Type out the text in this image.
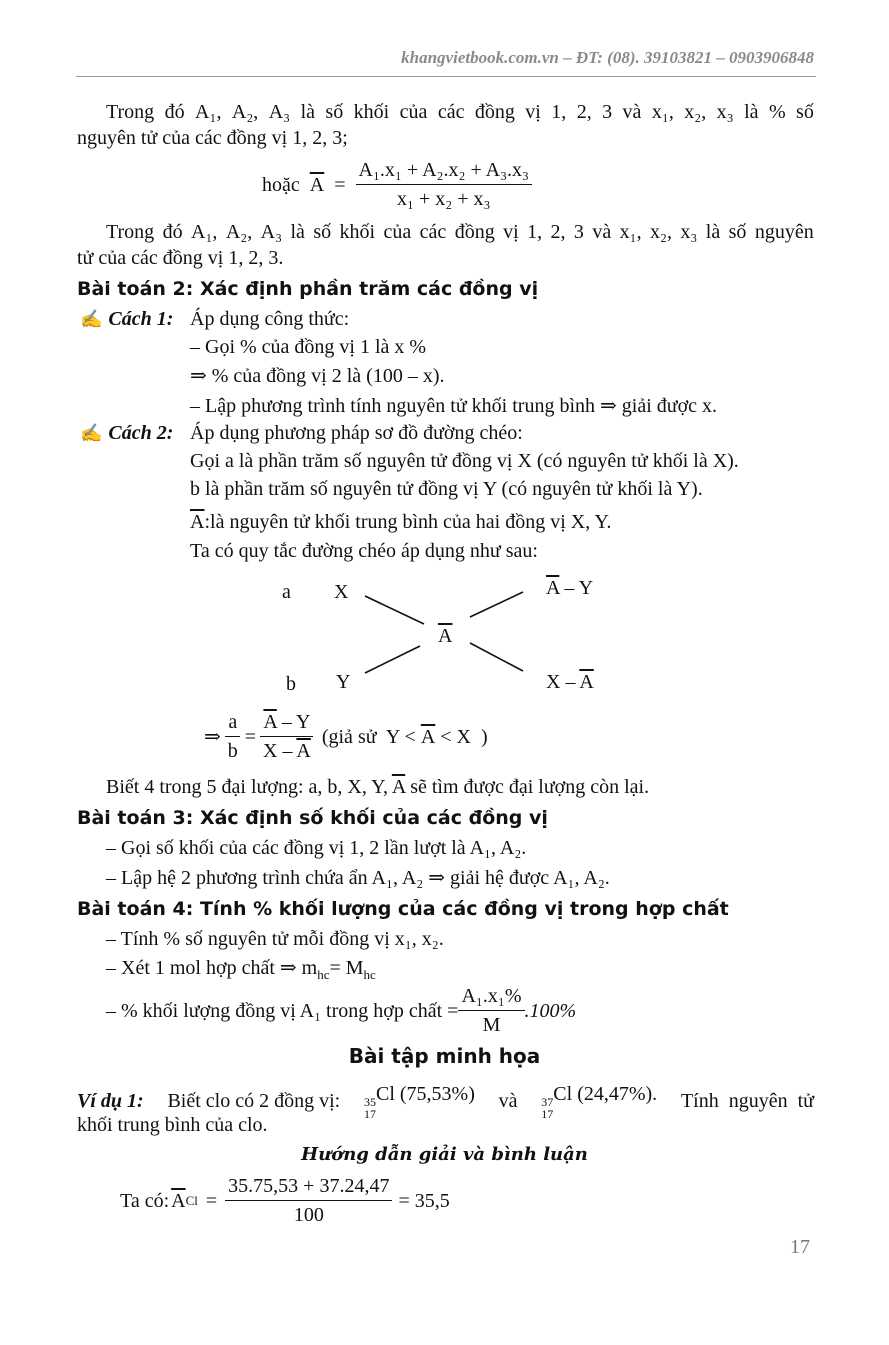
khangvietbook.com.vn – ĐT: (08). 39103821 – 0903906848
Trong đó A₁, A₂, A₃ là số khối của các đồng vị 1, 2, 3 và x₁, x₂, x₃ là % số
nguyên tử của các đồng vị 1, 2, 3;
hoặc $\overline{A} = \frac{\text{A₁.x₁ + A₂.x₂ + A₃.x₃}}{\text{x₁ + x₂ + x₃}}$
Trong đó A₁, A₂, A₃ là số khối của các đồng vị 1, 2, 3 và x₁, x₂, x₃ là số nguyên
tử của các đồng vị 1, 2, 3.
Bài toán 2: Xác định phần trăm các đồng vị
✍ Cách 1: Áp dụng công thức:
– Gọi % của đồng vị 1 là x %
⇒ % của đồng vị 2 là (100 – x).
– Lập phương trình tính nguyên tử khối trung bình ⇒ giải được x.
✍ Cách 2: Áp dụng phương pháp sơ đồ đường chéo:
Gọi a là phần trăm số nguyên tử đồng vị X (có nguyên tử khối là X).
b là phần trăm số nguyên tử đồng vị Y (có nguyên tử khối là Y).
$\overline{A}:là$ nguyên tử khối trung bình của hai đồng vị X, Y.
Ta có quy tắc đường chéo áp dụng như sau:
a X	$\overline{A}$ – Y
$\overline{A}$
b Y	X – $\overline{A}$
⇒ $\frac{a}{b} = \frac{\overline{A} - Y}{X - \overline{A}}$ (giả sử  $Y < \overline{A} < X$  )
Biết 4 trong 5 đại lượng: a, b, X, Y, $\overline{A}$ sẽ tìm được đại lượng còn lại.
Bài toán 3: Xác định số khối của các đồng vị
– Gọi số khối của các đồng vị 1, 2 lần lượt là A₁, A₂.
– Lập hệ 2 phương trình chứa ẩn A₁, A₂ ⇒ giải hệ được A₁, A₂.
Bài toán 4: Tính % khối lượng của các đồng vị trong hợp chất
– Tính % số nguyên tử mỗi đồng vị x₁, x₂.
– Xét 1 mol hợp chất ⇒ $m_{hc}= M_{hc}$
– % khối lượng đồng vị A₁ trong hợp chất = $\frac{\text{A₁.x₁\%}}{M} .100\%$
Bài tập minh họa
Ví dụ 1: Biết clo có 2 đồng vị: 35
17
Cl (75,53%) và 37
17
Cl (24,47%). Tính  nguyên  tử
khối trung bình của clo.
Hướng dẫn giải và bình luận
Ta có: $\overline{A}$ $Cl = \frac{35.75,53 + 37.24,47}{100} = 35,5$
17
